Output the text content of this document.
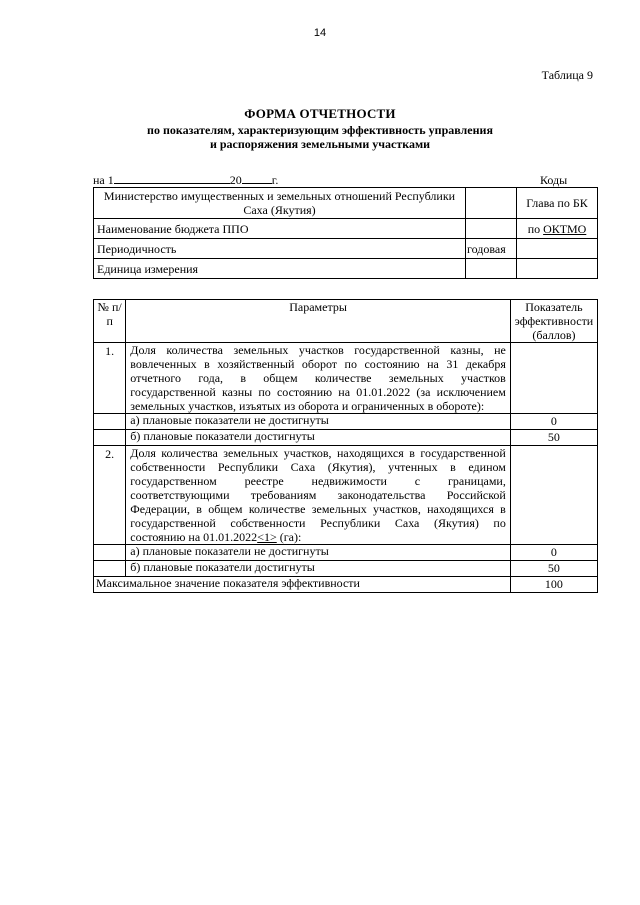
14
Таблица 9
ФОРМА ОТЧЕТНОСТИ
по показателям, характеризующим эффективность управления
и распоряжения земельными участками
на 1	20	г.	Коды
Министерство имущественных и земельных отношений Республики Саха (Якутия)		Глава по БК
Наименование бюджета ППО		по ОКТМО
Периодичность	годовая	
Единица измерения		
№ п/п	Параметры	Показатель эффективности (баллов)
1.	Доля количества земельных участков государственной казны, не вовлеченных в хозяйственный оборот по состоянию на 31 декабря отчетного года, в общем количестве земельных участков государственной казны по состоянию на 01.01.2022 (за исключением земельных участков, изъятых из оборота и ограниченных в обороте):	
	а) плановые показатели не достигнуты	0
	б) плановые показатели достигнуты	50
2.	Доля количества земельных участков, находящихся в государственной собственности Республики Саха (Якутия), учтенных в едином государственном реестре недвижимости с границами, соответствующими требованиям законодательства Российской Федерации, в общем количестве земельных участков, находящихся в государственной собственности Республики Саха (Якутия) по состоянию на 01.01.2022<1> (га):	
	а) плановые показатели не достигнуты	0
	б) плановые показатели достигнуты	50
Максимальное значение показателя эффективности		100
